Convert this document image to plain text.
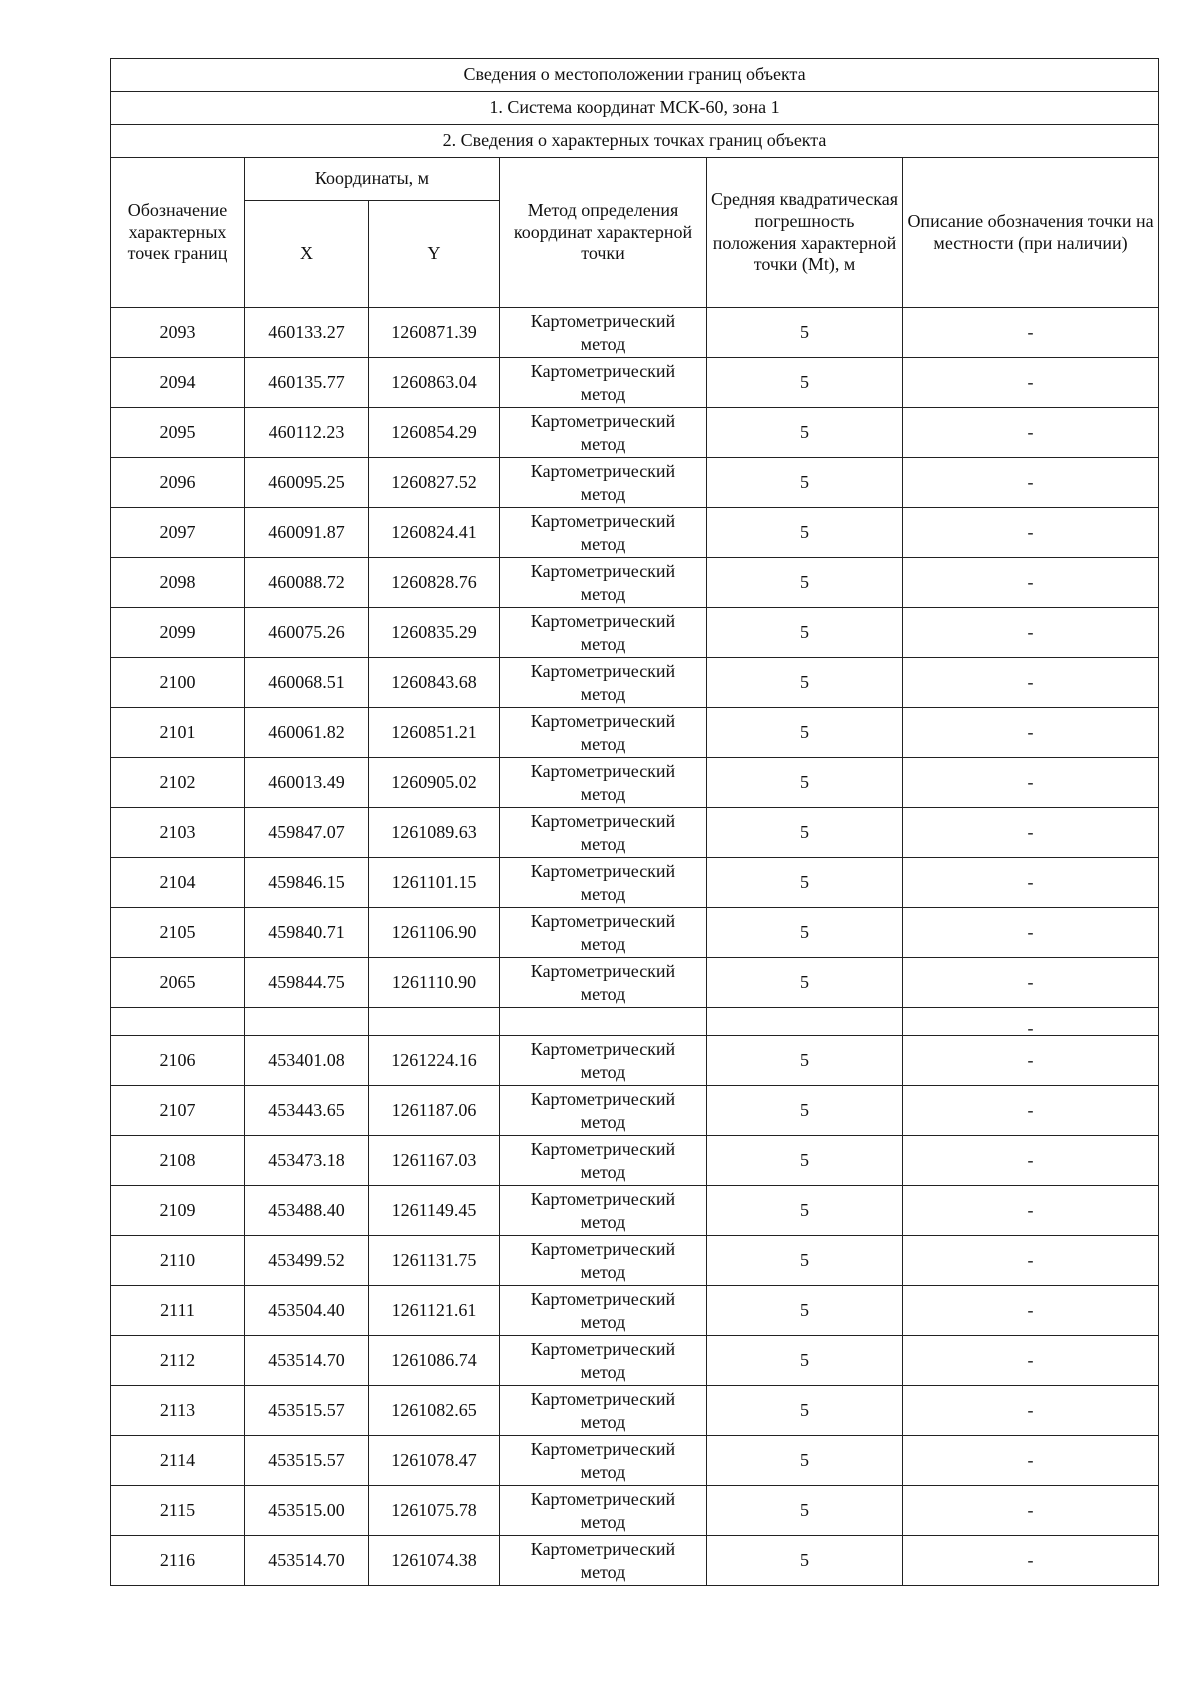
Сведения о местоположении границ объекта					
1. Система координат МСК-60, зона 1					
2. Сведения о характерных точках границ объекта					
Обозначение характерных точек границ	Координаты, м		Метод определения координат характерной точки	Средняя квадратическая погрешность положения характерной точки (Mt), м	Описание обозначения точки на местности (при наличии)
	X	Y			
2093	460133.27	1260871.39	Картометрический
метод	5	-
2094	460135.77	1260863.04	Картометрический
метод	5	-
2095	460112.23	1260854.29	Картометрический
метод	5	-
2096	460095.25	1260827.52	Картометрический
метод	5	-
2097	460091.87	1260824.41	Картометрический
метод	5	-
2098	460088.72	1260828.76	Картометрический
метод	5	-
2099	460075.26	1260835.29	Картометрический
метод	5	-
2100	460068.51	1260843.68	Картометрический
метод	5	-
2101	460061.82	1260851.21	Картометрический
метод	5	-
2102	460013.49	1260905.02	Картометрический
метод	5	-
2103	459847.07	1261089.63	Картометрический
метод	5	-
2104	459846.15	1261101.15	Картометрический
метод	5	-
2105	459840.71	1261106.90	Картометрический
метод	5	-
2065	459844.75	1261110.90	Картометрический
метод	5	-
					-
2106	453401.08	1261224.16	Картометрический
метод	5	-
2107	453443.65	1261187.06	Картометрический
метод	5	-
2108	453473.18	1261167.03	Картометрический
метод	5	-
2109	453488.40	1261149.45	Картометрический
метод	5	-
2110	453499.52	1261131.75	Картометрический
метод	5	-
2111	453504.40	1261121.61	Картометрический
метод	5	-
2112	453514.70	1261086.74	Картометрический
метод	5	-
2113	453515.57	1261082.65	Картометрический
метод	5	-
2114	453515.57	1261078.47	Картометрический
метод	5	-
2115	453515.00	1261075.78	Картометрический
метод	5	-
2116	453514.70	1261074.38	Картометрический
метод	5	-
